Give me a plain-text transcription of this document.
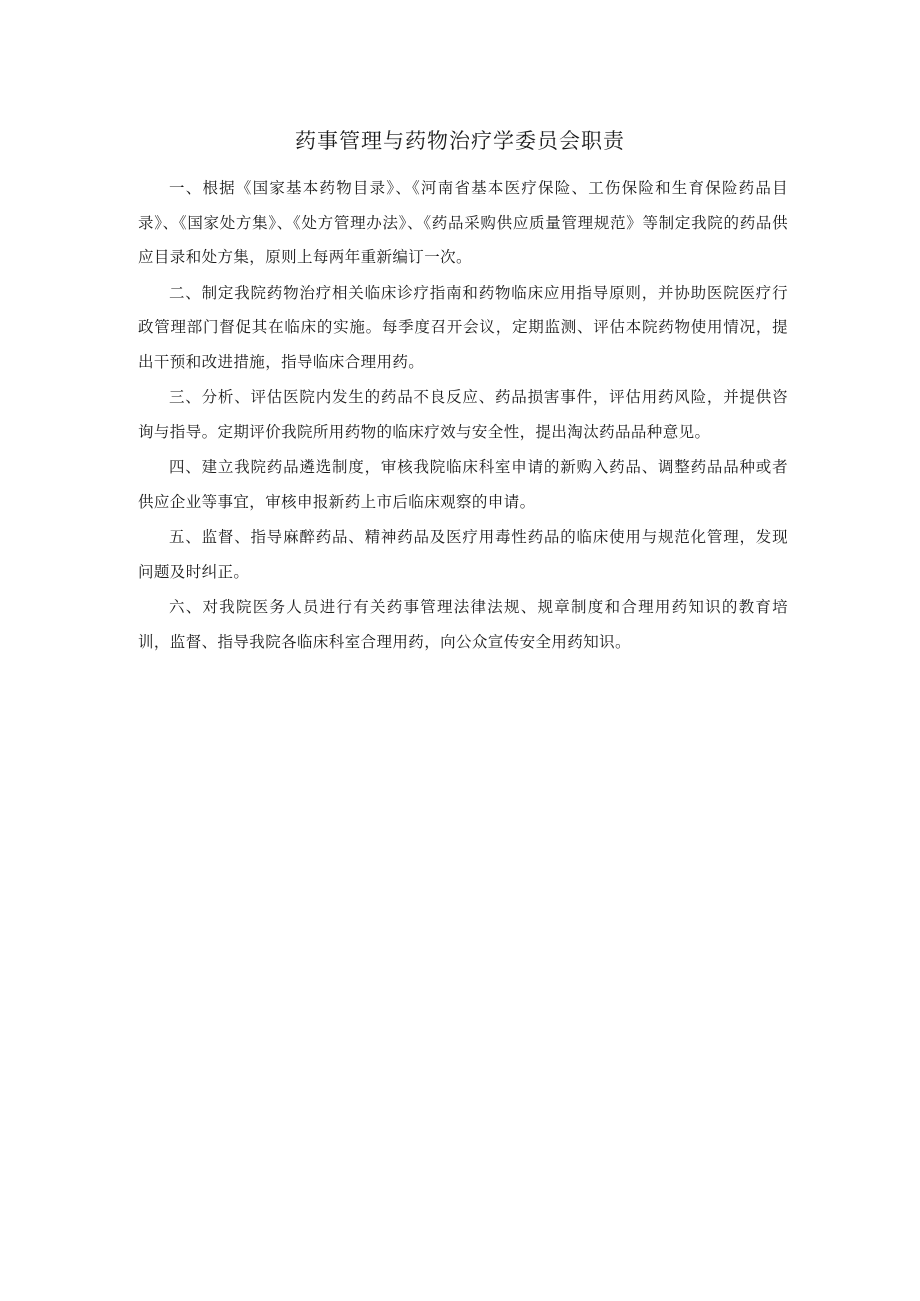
药事管理与药物治疗学委员会职责

一、根据《国家基本药物目录》、《河南省基本医疗保险、工伤保险和生育保险药品目录》、《国家处方集》、《处方管理办法》、《药品采购供应质量管理规范》等制定我院的药品供应目录和处方集，原则上每两年重新编订一次。

二、制定我院药物治疗相关临床诊疗指南和药物临床应用指导原则，并协助医院医疗行政管理部门督促其在临床的实施。每季度召开会议，定期监测、评估本院药物使用情况，提出干预和改进措施，指导临床合理用药。

三、分析、评估医院内发生的药品不良反应、药品损害事件，评估用药风险，并提供咨询与指导。定期评价我院所用药物的临床疗效与安全性，提出淘汰药品品种意见。

四、建立我院药品遴选制度，审核我院临床科室申请的新购入药品、调整药品品种或者供应企业等事宜，审核申报新药上市后临床观察的申请。

五、监督、指导麻醉药品、精神药品及医疗用毒性药品的临床使用与规范化管理，发现问题及时纠正。

六、对我院医务人员进行有关药事管理法律法规、规章制度和合理用药知识的教育培训，监督、指导我院各临床科室合理用药，向公众宣传安全用药知识。
